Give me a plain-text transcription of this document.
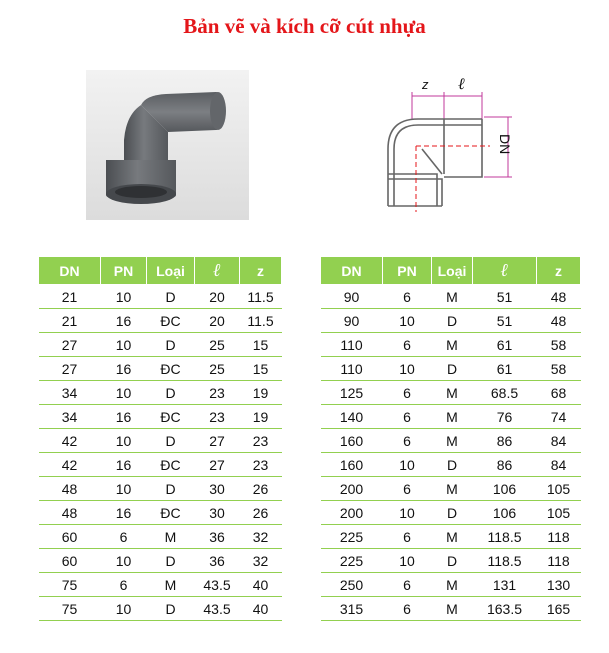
Bản vẽ và kích cỡ cút nhựa
z ℓ
DN
DN	PN	Loại	ℓ	z
21	10	D	20	11.5
21	16	ĐC	20	11.5
27	10	D	25	15
27	16	ĐC	25	15
34	10	D	23	19
34	16	ĐC	23	19
42	10	D	27	23
42	16	ĐC	27	23
48	10	D	30	26
48	16	ĐC	30	26
60	6	M	36	32
60	10	D	36	32
75	6	M	43.5	40
75	10	D	43.5	40
DN	PN	Loại	ℓ	z
90	6	M	51	48
90	10	D	51	48
110	6	M	61	58
110	10	D	61	58
125	6	M	68.5	68
140	6	M	76	74
160	6	M	86	84
160	10	D	86	84
200	6	M	106	105
200	10	D	106	105
225	6	M	118.5	118
225	10	D	118.5	118
250	6	M	131	130
315	6	M	163.5	165
